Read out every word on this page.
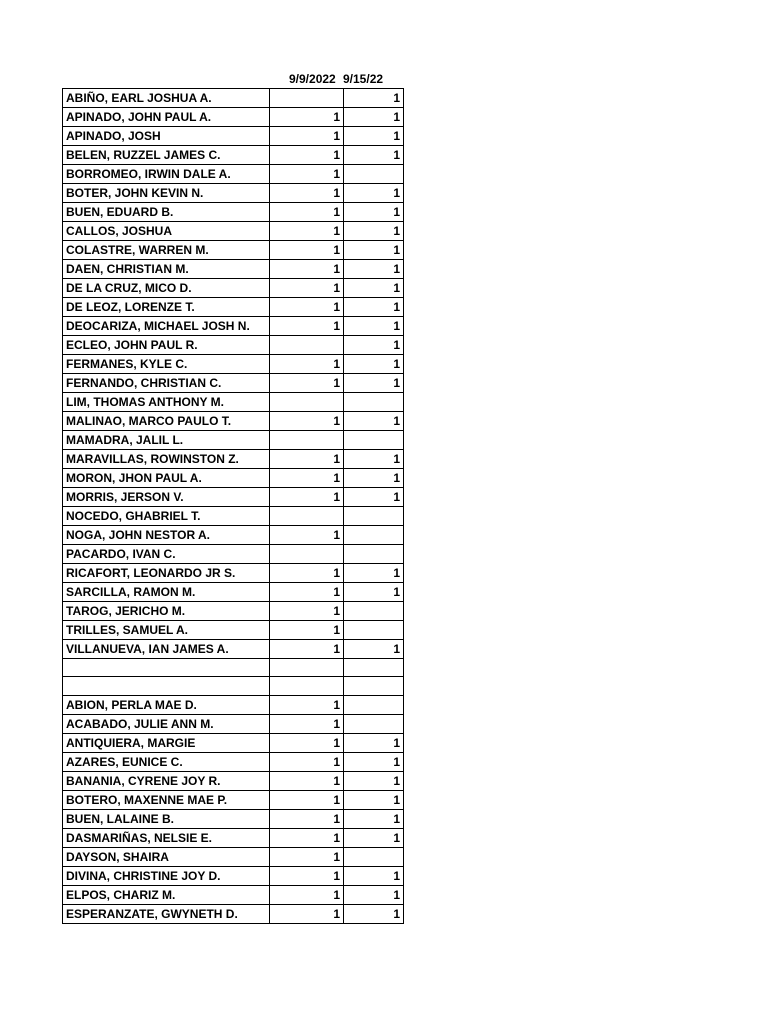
9/9/2022 9/15/22
ABIÑO, EARL JOSHUA A.		1
APINADO, JOHN PAUL A.	1	1
APINADO, JOSH	1	1
BELEN, RUZZEL JAMES C.	1	1
BORROMEO, IRWIN DALE A.	1	
BOTER, JOHN KEVIN N.	1	1
BUEN, EDUARD B.	1	1
CALLOS, JOSHUA	1	1
COLASTRE, WARREN M.	1	1
DAEN, CHRISTIAN M.	1	1
DE LA CRUZ, MICO D.	1	1
DE LEOZ, LORENZE T.	1	1
DEOCARIZA, MICHAEL JOSH N.	1	1
ECLEO, JOHN PAUL R.		1
FERMANES, KYLE C.	1	1
FERNANDO, CHRISTIAN C.	1	1
LIM, THOMAS ANTHONY M.		
MALINAO, MARCO PAULO T.	1	1
MAMADRA, JALIL L.		
MARAVILLAS, ROWINSTON Z.	1	1
MORON, JHON PAUL A.	1	1
MORRIS, JERSON V.	1	1
NOCEDO, GHABRIEL T.		
NOGA, JOHN NESTOR A.	1	
PACARDO, IVAN C.		
RICAFORT, LEONARDO JR S.	1	1
SARCILLA, RAMON M.	1	1
TAROG, JERICHO M.	1	
TRILLES, SAMUEL A.	1	
VILLANUEVA, IAN JAMES A.	1	1

ABION, PERLA MAE D.	1	
ACABADO, JULIE ANN M.	1	
ANTIQUIERA, MARGIE	1	1
AZARES, EUNICE C.	1	1
BANANIA, CYRENE JOY R.	1	1
BOTERO, MAXENNE MAE P.	1	1
BUEN, LALAINE B.	1	1
DASMARIÑAS, NELSIE E.	1	1
DAYSON, SHAIRA	1	
DIVINA, CHRISTINE JOY D.	1	1
ELPOS, CHARIZ M.	1	1
ESPERANZATE, GWYNETH D.	1	1
